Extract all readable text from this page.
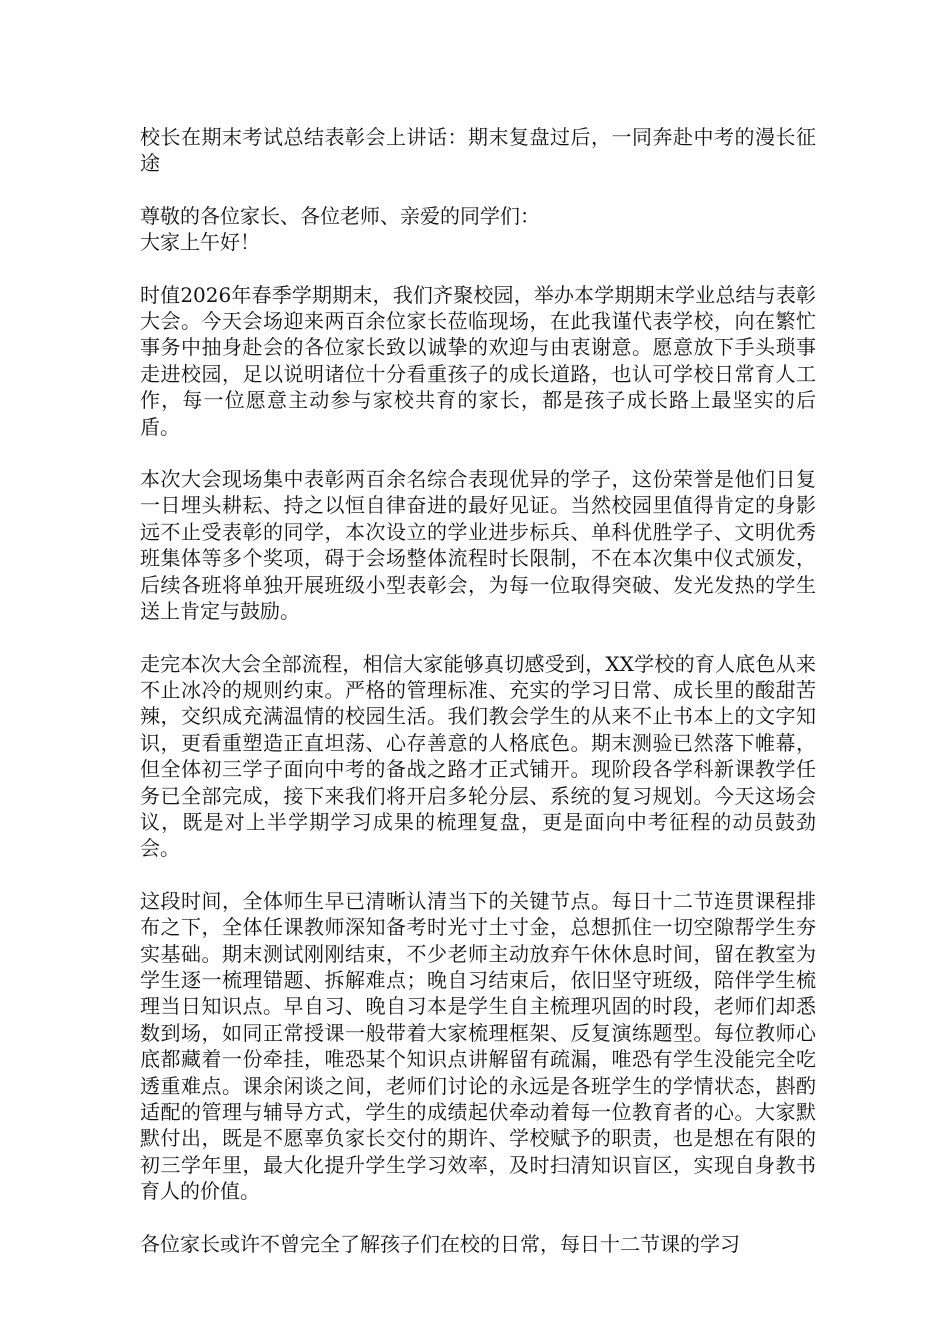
校长在期末考试总结表彰会上讲话：期末复盘过后，一同奔赴中考的漫长征途

尊敬的各位家长、各位老师、亲爱的同学们：
大家上午好！

时值2026年春季学期期末，我们齐聚校园，举办本学期期末学业总结与表彰大会。今天会场迎来两百余位家长莅临现场，在此我谨代表学校，向在繁忙事务中抽身赴会的各位家长致以诚挚的欢迎与由衷谢意。愿意放下手头琐事走进校园，足以说明诸位十分看重孩子的成长道路，也认可学校日常育人工作，每一位愿意主动参与家校共育的家长，都是孩子成长路上最坚实的后盾。

本次大会现场集中表彰两百余名综合表现优异的学子，这份荣誉是他们日复一日埋头耕耘、持之以恒自律奋进的最好见证。当然校园里值得肯定的身影远不止受表彰的同学，本次设立的学业进步标兵、单科优胜学子、文明优秀班集体等多个奖项，碍于会场整体流程时长限制，不在本次集中仪式颁发，后续各班将单独开展班级小型表彰会，为每一位取得突破、发光发热的学生送上肯定与鼓励。

走完本次大会全部流程，相信大家能够真切感受到，XX学校的育人底色从来不止冰冷的规则约束。严格的管理标准、充实的学习日常、成长里的酸甜苦辣，交织成充满温情的校园生活。我们教会学生的从来不止书本上的文字知识，更看重塑造正直坦荡、心存善意的人格底色。期末测验已然落下帷幕，但全体初三学子面向中考的备战之路才正式铺开。现阶段各学科新课教学任务已全部完成，接下来我们将开启多轮分层、系统的复习规划。今天这场会议，既是对上半学期学习成果的梳理复盘，更是面向中考征程的动员鼓劲会。

这段时间，全体师生早已清晰认清当下的关键节点。每日十二节连贯课程排布之下，全体任课教师深知备考时光寸土寸金，总想抓住一切空隙帮学生夯实基础。期末测试刚刚结束，不少老师主动放弃午休休息时间，留在教室为学生逐一梳理错题、拆解难点；晚自习结束后，依旧坚守班级，陪伴学生梳理当日知识点。早自习、晚自习本是学生自主梳理巩固的时段，老师们却悉数到场，如同正常授课一般带着大家梳理框架、反复演练题型。每位教师心底都藏着一份牵挂，唯恐某个知识点讲解留有疏漏，唯恐有学生没能完全吃透重难点。课余闲谈之间，老师们讨论的永远是各班学生的学情状态，斟酌适配的管理与辅导方式，学生的成绩起伏牵动着每一位教育者的心。大家默默付出，既是不愿辜负家长交付的期许、学校赋予的职责，也是想在有限的初三学年里，最大化提升学生学习效率，及时扫清知识盲区，实现自身教书育人的价值。

各位家长或许不曾完全了解孩子们在校的日常，每日十二节课的学习
